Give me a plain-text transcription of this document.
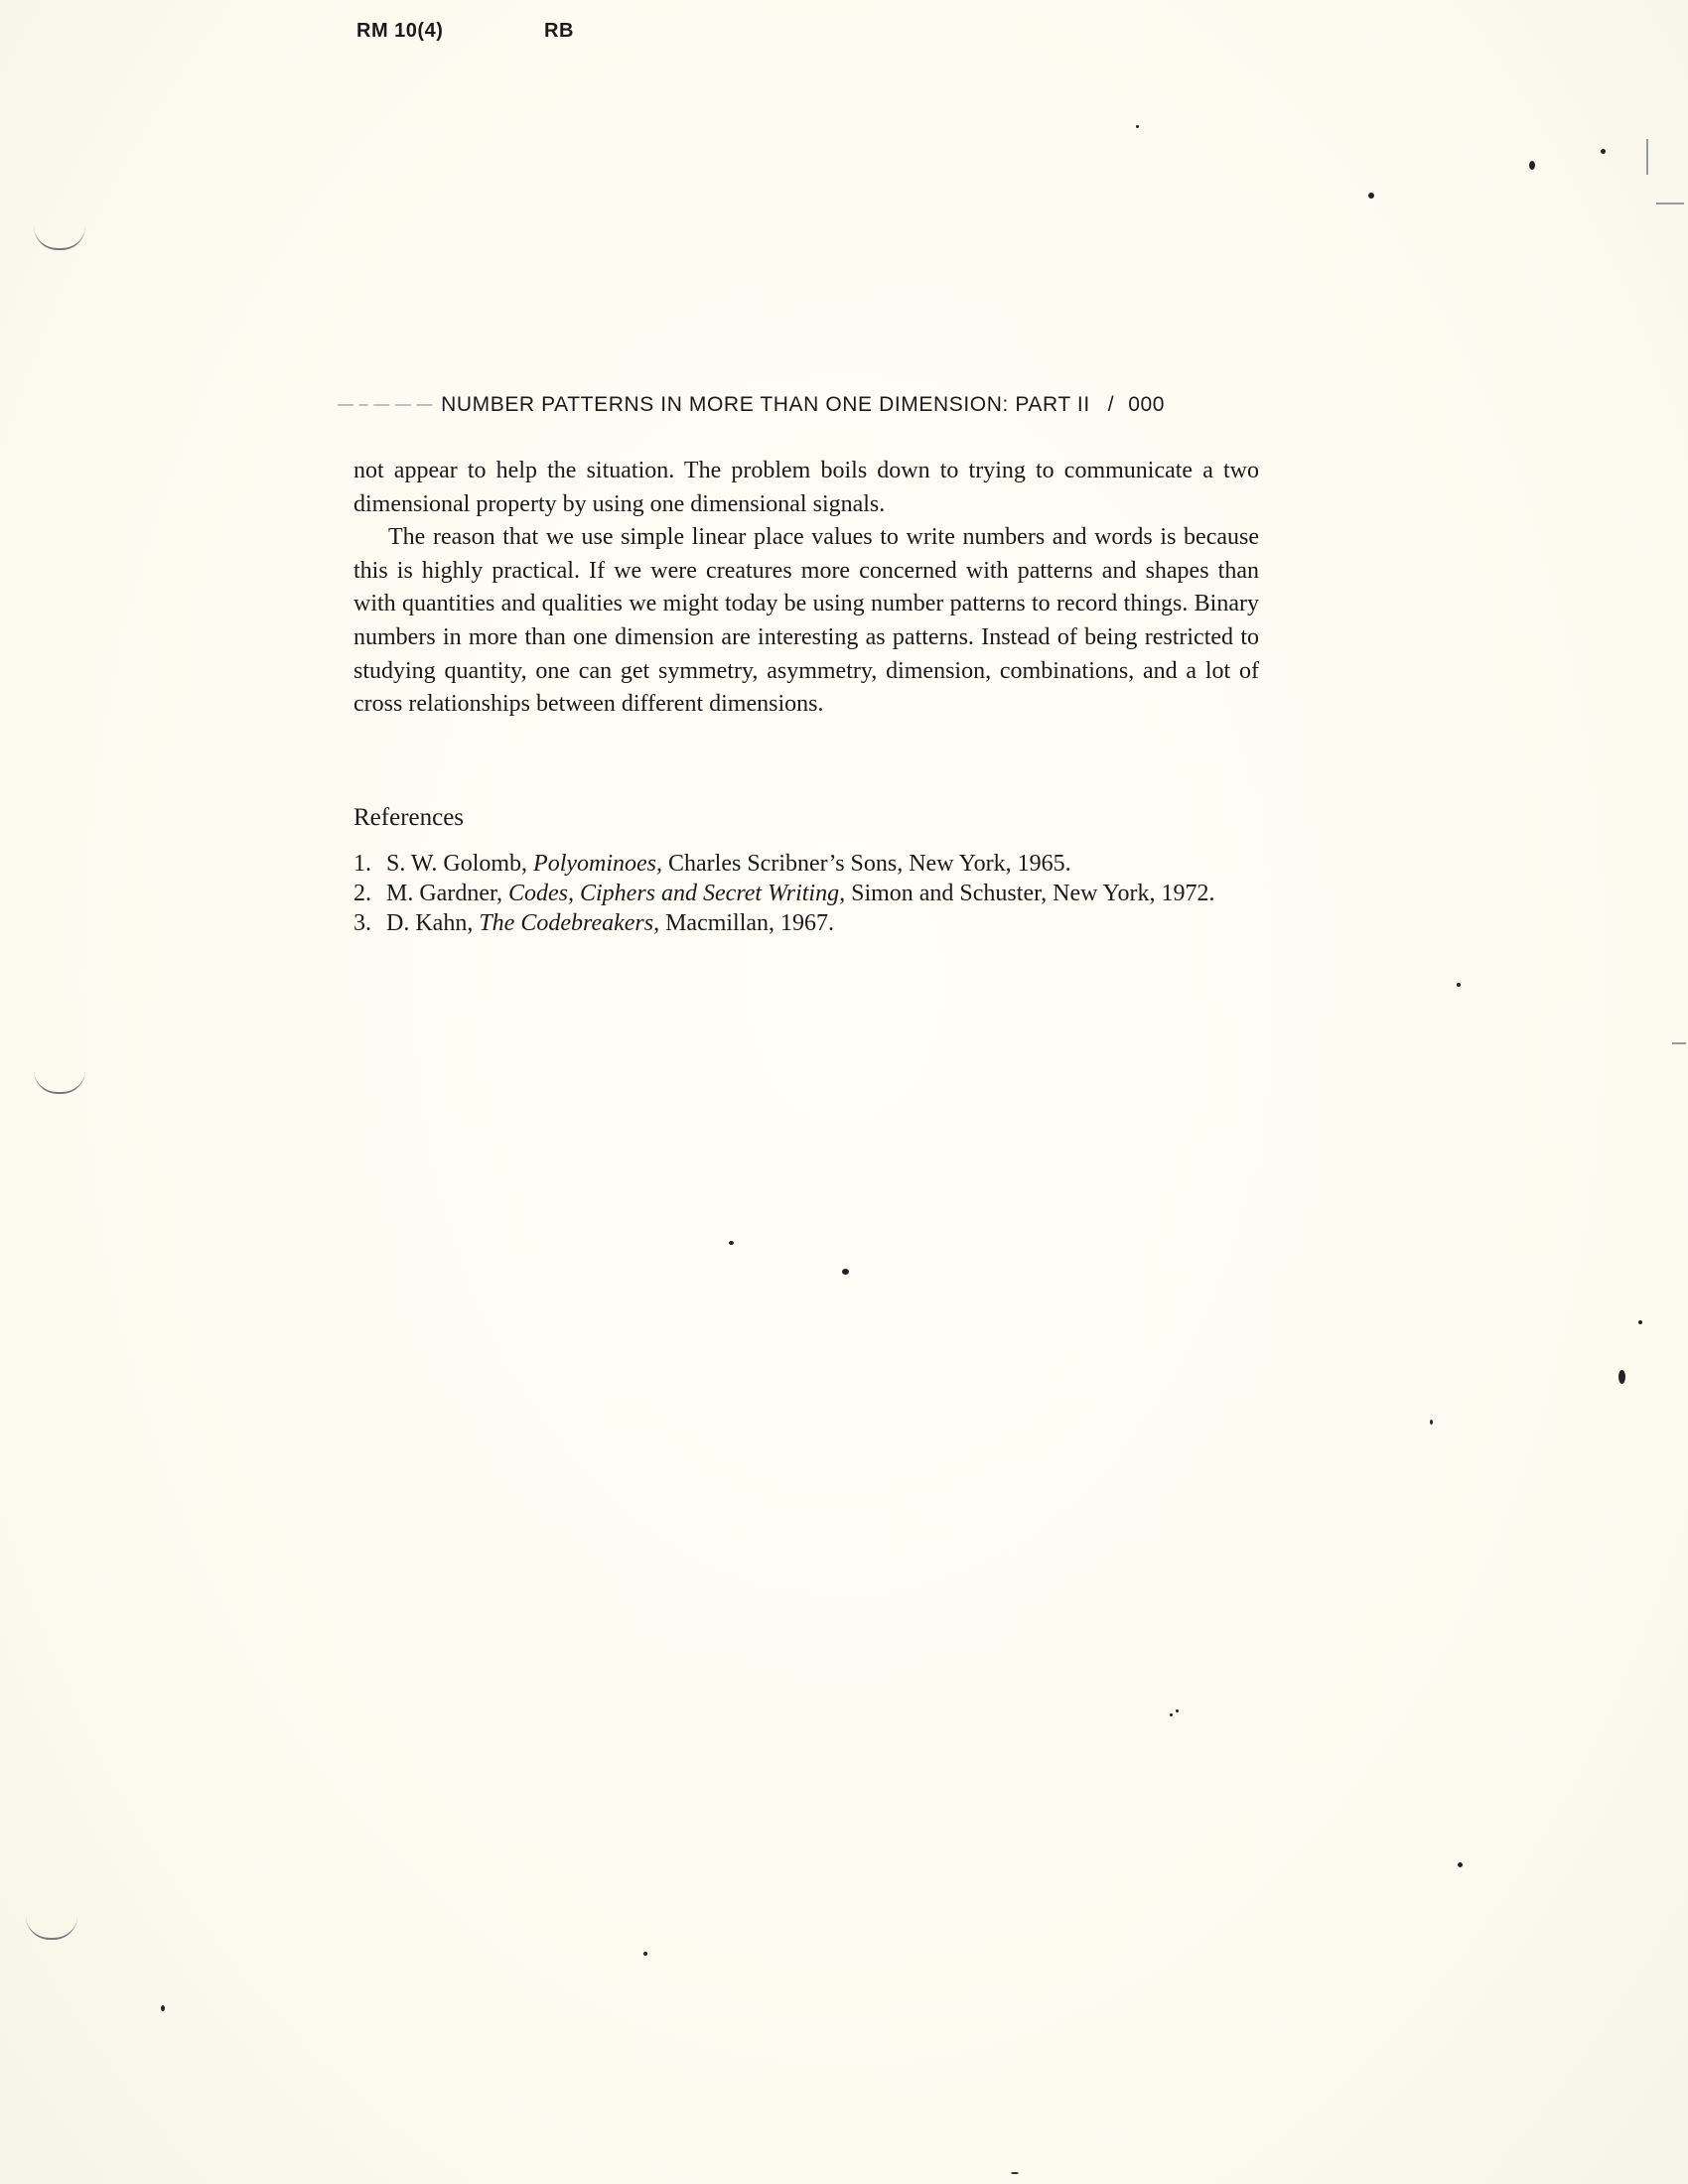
RM 10(4)	RB
— – — — — NUMBER PATTERNS IN MORE THAN ONE DIMENSION: PART II / 000

not appear to help the situation. The problem boils down to trying to communicate a two dimensional property by using one dimensional signals.

The reason that we use simple linear place values to write numbers and words is because this is highly practical. If we were creatures more concerned with patterns and shapes than with quantities and qualities we might today be using number patterns to record things. Binary numbers in more than one dimension are interesting as patterns. Instead of being restricted to studying quantity, one can get symmetry, asymmetry, dimension, combinations, and a lot of cross relationships between different dimensions.

References
1. S. W. Golomb, Polyominoes, Charles Scribner’s Sons, New York, 1965.
2. M. Gardner, Codes, Ciphers and Secret Writing, Simon and Schuster, New York, 1972.
3. D. Kahn, The Codebreakers, Macmillan, 1967.
